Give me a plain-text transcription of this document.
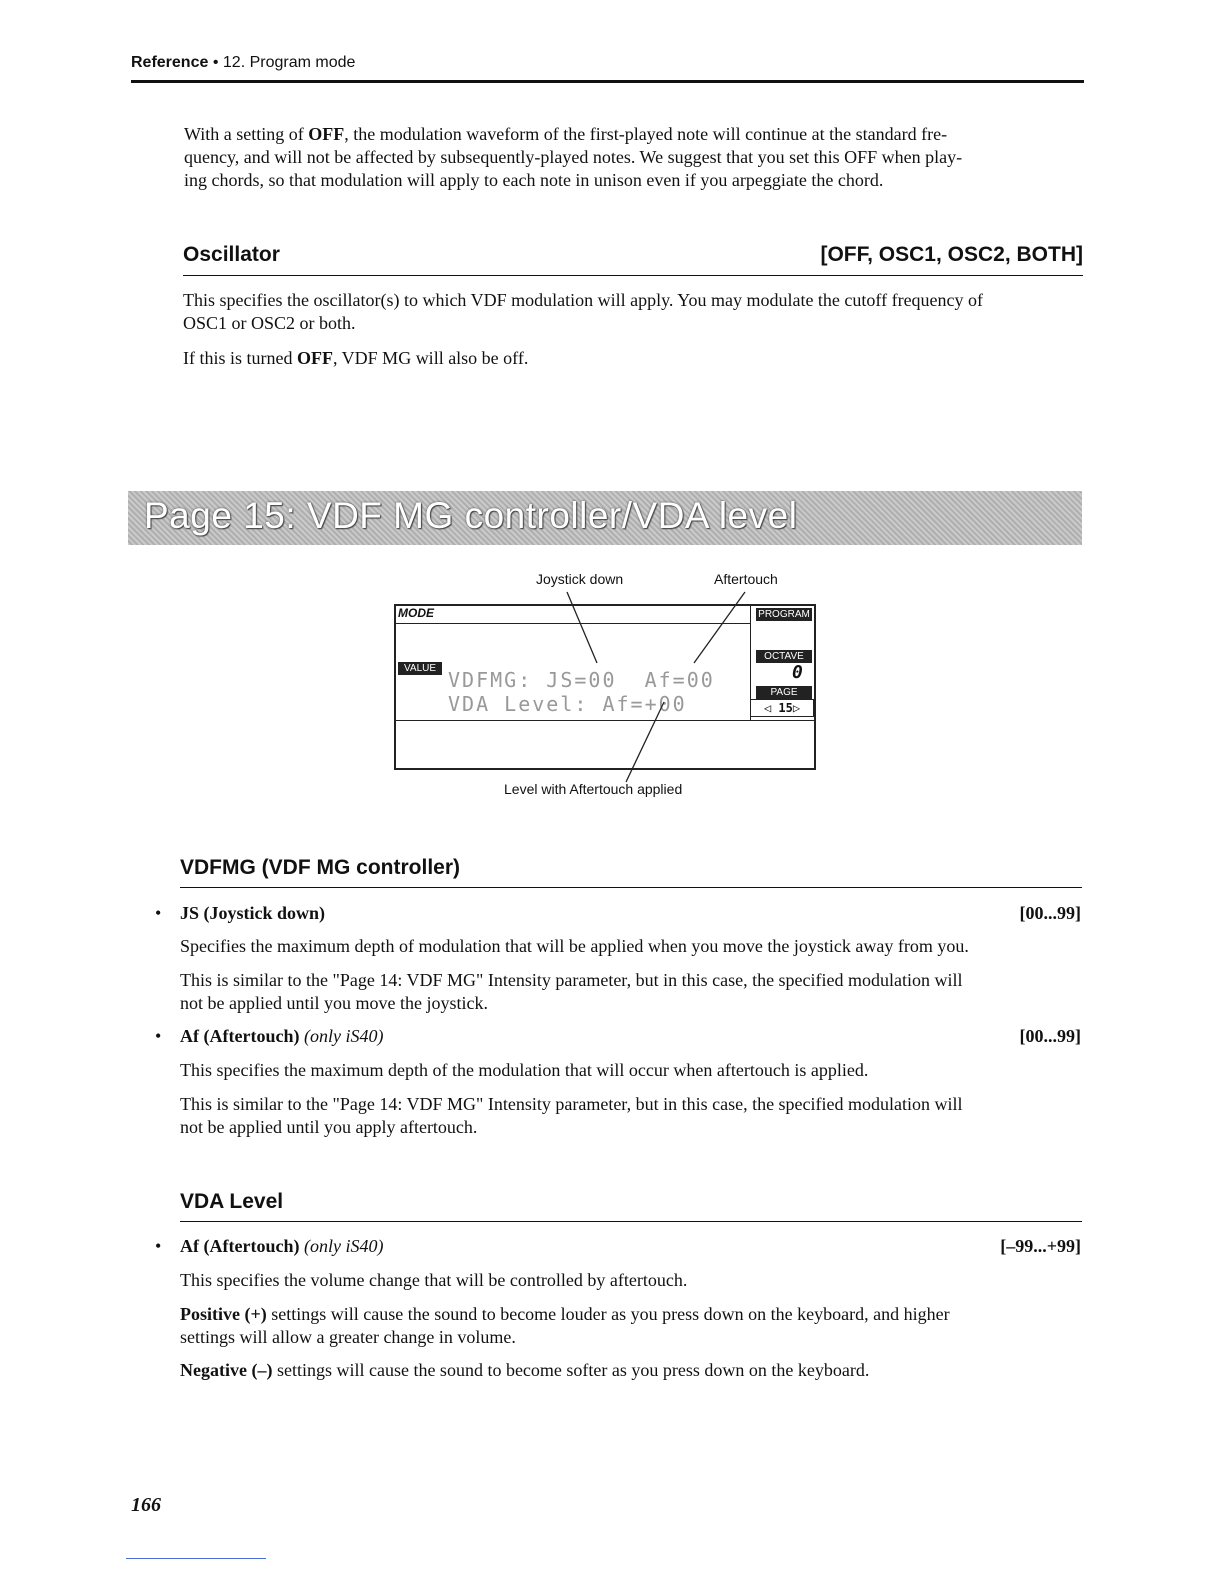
Reference • 12. Program mode
With a setting of OFF, the modulation waveform of the first-played note will continue at the standard fre-
quency, and will not be affected by subsequently-played notes. We suggest that you set this OFF when play-
ing chords, so that modulation will apply to each note in unison even if you arpeggiate the chord.
Oscillator	[OFF, OSC1, OSC2, BOTH]
This specifies the oscillator(s) to which VDF modulation will apply. You may modulate the cutoff frequency of
OSC1 or OSC2 or both.
If this is turned OFF, VDF MG will also be off.
Page 15: VDF MG controller/VDA level
Joystick down	Aftertouch
MODE	PROGRAM
VALUE
OCTAVE
0
PAGE
◁ 15▷
VDFMG: JS=00  Af=00
VDA Level: Af=+00
Level with Aftertouch applied
VDFMG (VDF MG controller)
• JS (Joystick down)	[00...99]
Specifies the maximum depth of modulation that will be applied when you move the joystick away from you.
This is similar to the "Page 14: VDF MG" Intensity parameter, but in this case, the specified modulation will
not be applied until you move the joystick.
• Af (Aftertouch) (only iS40)	[00...99]
This specifies the maximum depth of the modulation that will occur when aftertouch is applied.
This is similar to the "Page 14: VDF MG" Intensity parameter, but in this case, the specified modulation will
not be applied until you apply aftertouch.
VDA Level
• Af (Aftertouch) (only iS40)	[–99...+99]
This specifies the volume change that will be controlled by aftertouch.
Positive (+) settings will cause the sound to become louder as you press down on the keyboard, and higher
settings will allow a greater change in volume.
Negative (–) settings will cause the sound to become softer as you press down on the keyboard.
166
